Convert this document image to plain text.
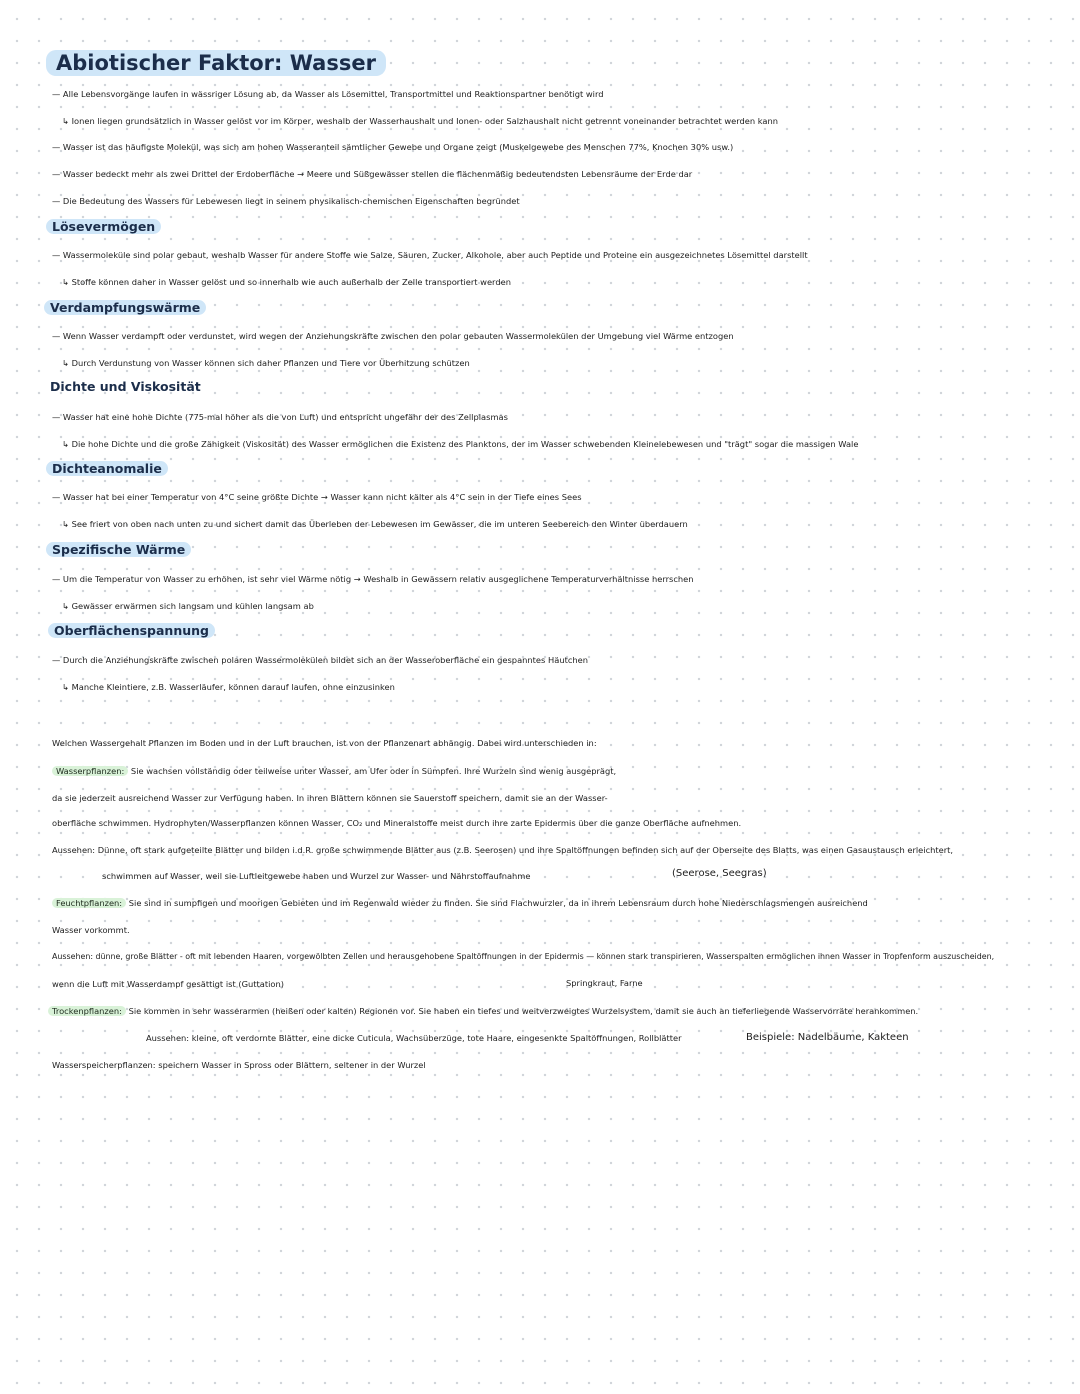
Abiotischer Faktor: Wasser
— Alle Lebensvorgänge laufen in wässriger Lösung ab, da Wasser als Lösemittel, Transportmittel und Reaktionspartner benötigt wird
↳ Ionen liegen grundsätzlich in Wasser gelöst vor im Körper, weshalb der Wasserhaushalt und Ionen- oder Salzhaushalt nicht getrennt voneinander betrachtet werden kann
— Wasser ist das häufigste Molekül, was sich am hohen Wasseranteil sämtlicher Gewebe und Organe zeigt (Muskelgewebe des Menschen 77%, Knochen 30% usw.)
— Wasser bedeckt mehr als zwei Drittel der Erdoberfläche → Meere und Süßgewässer stellen die flächenmäßig bedeutendsten Lebensräume der Erde dar
— Die Bedeutung des Wassers für Lebewesen liegt in seinem physikalisch-chemischen Eigenschaften begründet
Lösevermögen
— Wassermoleküle sind polar gebaut, weshalb Wasser für andere Stoffe wie Salze, Säuren, Zucker, Alkohole, aber auch Peptide und Proteine ein ausgezeichnetes Lösemittel darstellt
↳ Stoffe können daher in Wasser gelöst und so innerhalb wie auch außerhalb der Zelle transportiert werden
Verdampfungswärme
— Wenn Wasser verdampft oder verdunstet, wird wegen der Anziehungskräfte zwischen den polar gebauten Wassermolekülen der Umgebung viel Wärme entzogen
↳ Durch Verdunstung von Wasser können sich daher Pflanzen und Tiere vor Überhitzung schützen
Dichte und Viskosität
— Wasser hat eine hohe Dichte (775-mal höher als die von Luft) und entspricht ungefähr der des Zellplasmas
↳ Die hohe Dichte und die große Zähigkeit (Viskosität) des Wasser ermöglichen die Existenz des Planktons, der im Wasser schwebenden Kleinelebewesen und "trägt" sogar die massigen Wale
Dichteanomalie
— Wasser hat bei einer Temperatur von 4°C seine größte Dichte → Wasser kann nicht kälter als 4°C sein in der Tiefe eines Sees
↳ See friert von oben nach unten zu und sichert damit das Überleben der Lebewesen im Gewässer, die im unteren Seebereich den Winter überdauern
Spezifische Wärme
— Um die Temperatur von Wasser zu erhöhen, ist sehr viel Wärme nötig → Weshalb in Gewässern relativ ausgeglichene Temperaturverhältnisse herrschen
↳ Gewässer erwärmen sich langsam und kühlen langsam ab
Oberflächenspannung
— Durch die Anziehungskräfte zwischen polaren Wassermolekülen bildet sich an der Wasseroberfläche ein gespanntes Häutchen
↳ Manche Kleintiere, z.B. Wasserläufer, können darauf laufen, ohne einzusinken
Welchen Wassergehalt Pflanzen im Boden und in der Luft brauchen, ist von der Pflanzenart abhängig. Dabei wird unterschieden in:
Wasserpflanzen: Sie wachsen vollständig oder teilweise unter Wasser, am Ufer oder in Sümpfen. Ihre Wurzeln sind wenig ausgeprägt,
da sie jederzeit ausreichend Wasser zur Verfügung haben. In ihren Blättern können sie Sauerstoff speichern, damit sie an der Wasser-
oberfläche schwimmen. Hydrophyten/Wasserpflanzen können Wasser, CO₂ und Mineralstoffe meist durch ihre zarte Epidermis über die ganze Oberfläche aufnehmen.
Aussehen: Dünne, oft stark aufgeteilte Blätter und bilden i.d.R. große schwimmende Blätter aus (z.B. Seerosen) und ihre Spaltöffnungen befinden sich auf der Oberseite des Blatts, was einen Gasaustausch erleichtert,
schwimmen auf Wasser, weil sie Luftleitgewebe haben und Wurzel zur Wasser- und Nährstoffaufnahme	(Seerose, Seegras)
Feuchtpflanzen: Sie sind in sumpfigen und moorigen Gebieten und im Regenwald wieder zu finden. Sie sind Flachwurzler, da in ihrem Lebensraum durch hohe Niederschlagsmengen ausreichend
Wasser vorkommt.
Aussehen: dünne, große Blätter - oft mit lebenden Haaren, vorgewölbten Zellen und herausgehobene Spaltöffnungen in der Epidermis — können stark transpirieren, Wasserspalten ermöglichen ihnen Wasser in Tropfenform auszuscheiden,
wenn die Luft mit Wasserdampf gesättigt ist (Guttation)	Springkraut, Farne
Trockenpflanzen: Sie kommen in sehr wasserarmen (heißen oder kalten) Regionen vor. Sie haben ein tiefes und weitverzweigtes Wurzelsystem, damit sie auch an tieferliegende Wasservorräte herankommen.
Aussehen: kleine, oft verdornte Blätter, eine dicke Cuticula, Wachsüberzüge, tote Haare, eingesenkte Spaltöffnungen, Rollblätter	Beispiele: Nadelbäume, Kakteen
Wasserspeicherpflanzen: speichern Wasser in Spross oder Blättern, seltener in der Wurzel
